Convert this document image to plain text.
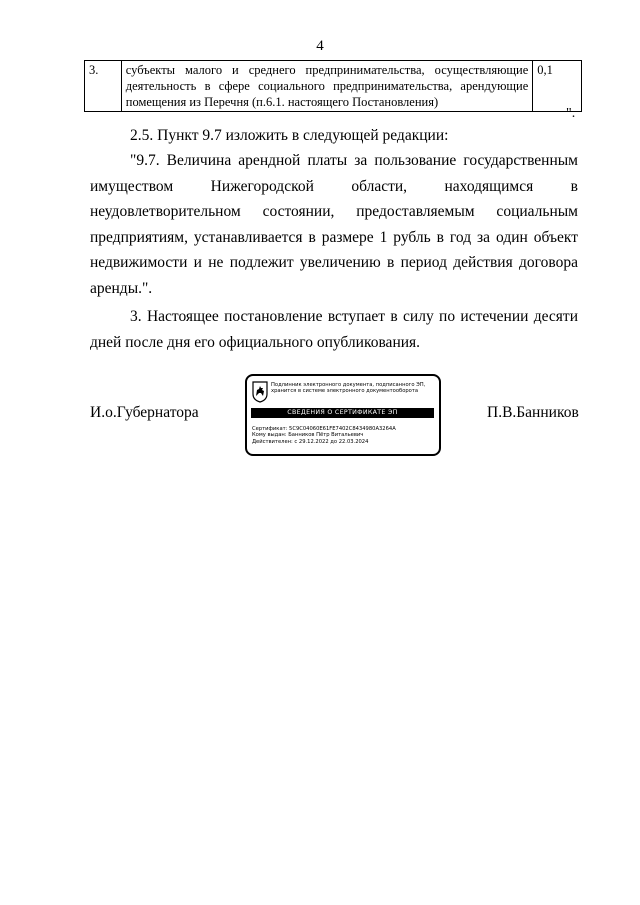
4
3.	субъекты малого и среднего предпринимательства, осуществляющие деятельность в сфере социального предпринимательства, арендующие помещения из Перечня (п.6.1. настоящего Постановления)	0,1
".

2.5. Пункт 9.7 изложить в следующей редакции:

"9.7. Величина арендной платы за пользование государственным имуществом Нижегородской области, находящимся в неудовлетворительном состоянии, предоставляемым социальным предприятиям, устанавливается в размере 1 рубль в год за один объект недвижимости и не подлежит увеличению в период действия договора аренды.".

3. Настоящее постановление вступает в силу по истечении десяти дней после дня его официального опубликования.

И.о.Губернатора
Подлинник электронного документа, подписанного ЭП, хранится в системе электронного документооборота
СВЕДЕНИЯ О СЕРТИФИКАТЕ ЭП
Сертификат: 5C9C04060E61FE7402C8434980A3264A
Кому выдан: Банников Пётр Витальевич
Действителен: с 29.12.2022 до 22.03.2024
П.В.Банников
